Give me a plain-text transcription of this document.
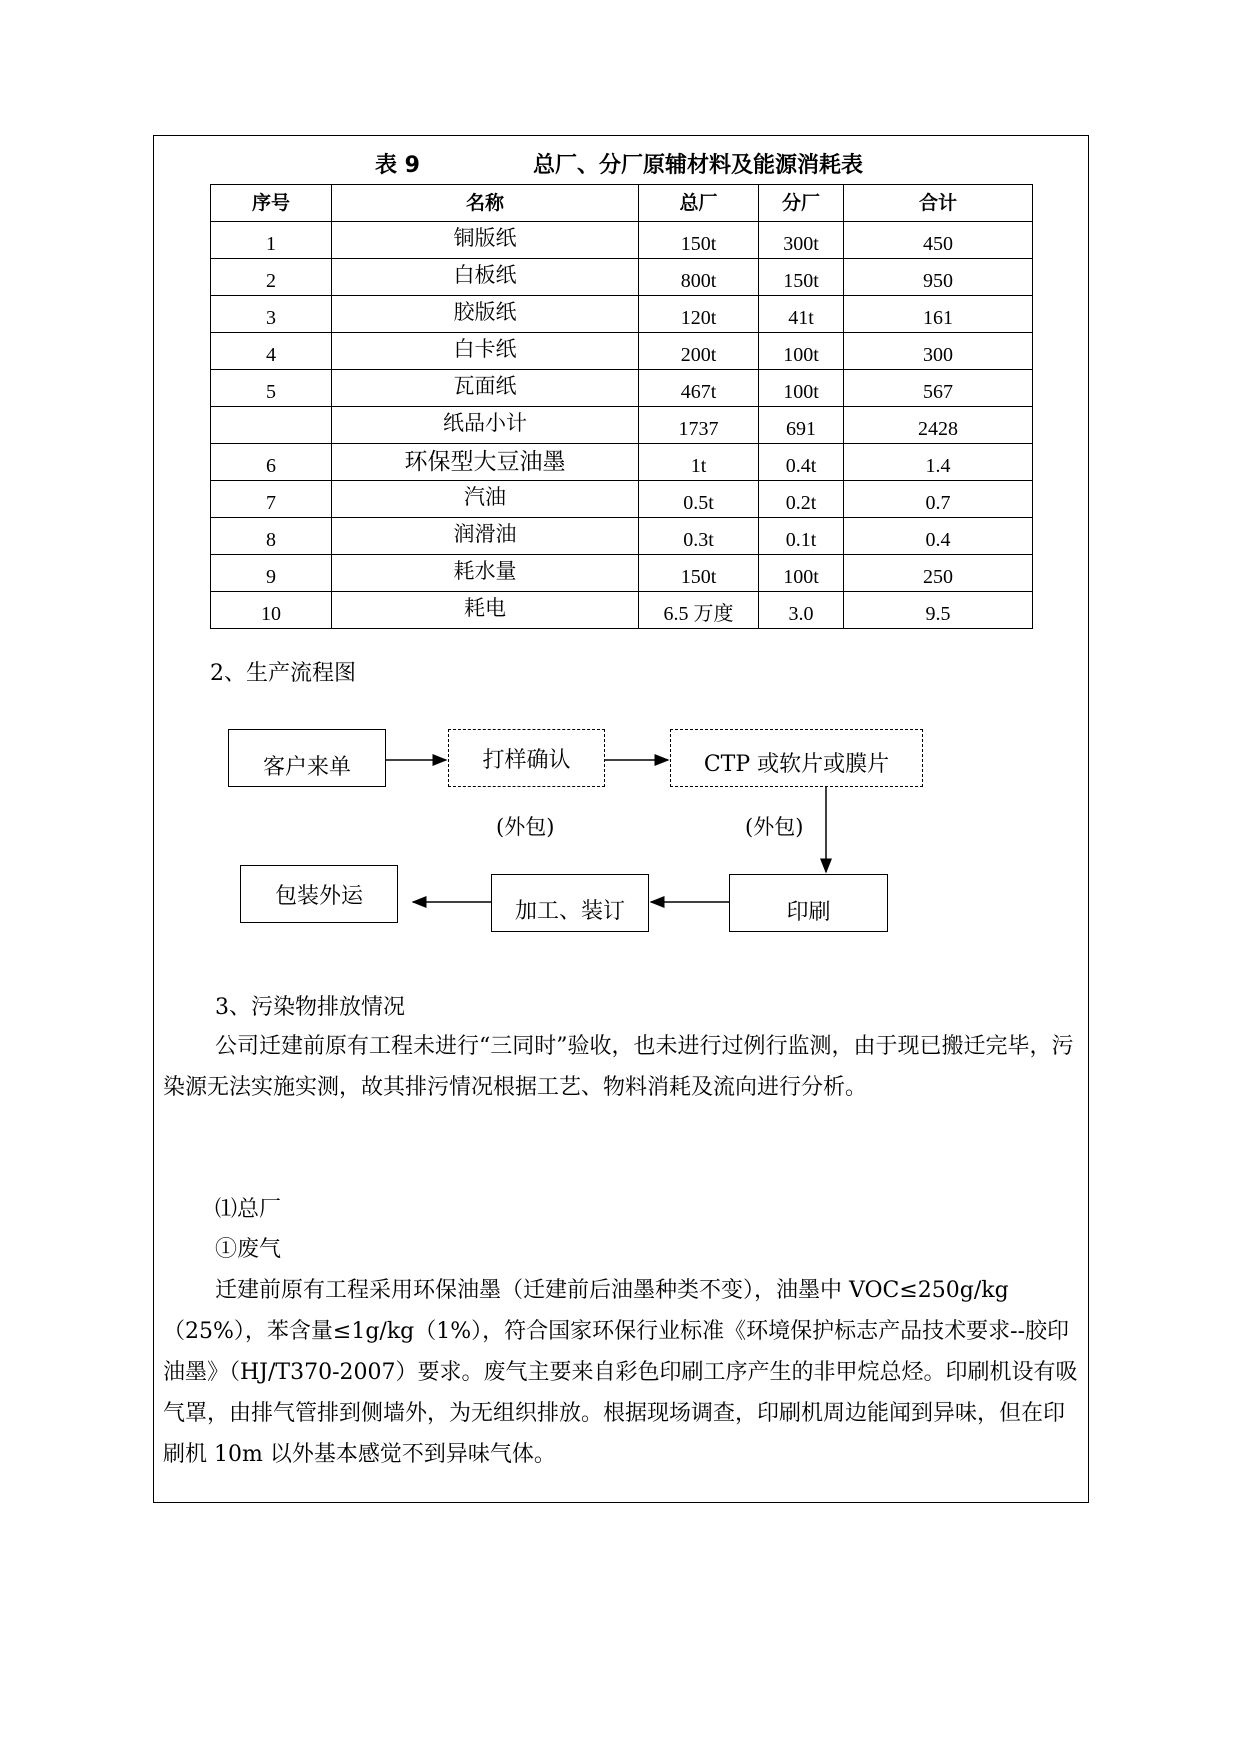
表 9	总厂、分厂原辅材料及能源消耗表
序号	名称	总厂	分厂	合计
1	铜版纸	150t	300t	450
2	白板纸	800t	150t	950
3	胶版纸	120t	41t	161
4	白卡纸	200t	100t	300
5	瓦面纸	467t	100t	567
	纸品小计	1737	691	2428
6	环保型大豆油墨	1t	0.4t	1.4
7	汽油	0.5t	0.2t	0.7
8	润滑油	0.3t	0.1t	0.4
9	耗水量	150t	100t	250
10	耗电	6.5 万度	3.0	9.5
2、生产流程图
客户来单	打样确认	CTP 或软片或膜片
(外包)	(外包)
印刷
加工、装订
包装外运
3、污染物排放情况
公司迁建前原有工程未进行“三同时”验收，也未进行过例行监测，由于现已搬迁完毕，污染源无法实施实测，故其排污情况根据工艺、物料消耗及流向进行分析。
⑴总厂
①废气
迁建前原有工程采用环保油墨（迁建前后油墨种类不变），油墨中 VOC≤250g/kg（25%），苯含量≤1g/kg（1%），符合国家环保行业标准《环境保护标志产品技术要求--胶印油墨》（HJ/T370-2007）要求。废气主要来自彩色印刷工序产生的非甲烷总烃。印刷机设有吸气罩，由排气管排到侧墙外，为无组织排放。根据现场调查，印刷机周边能闻到异味，但在印刷机 10m 以外基本感觉不到异味气体。
